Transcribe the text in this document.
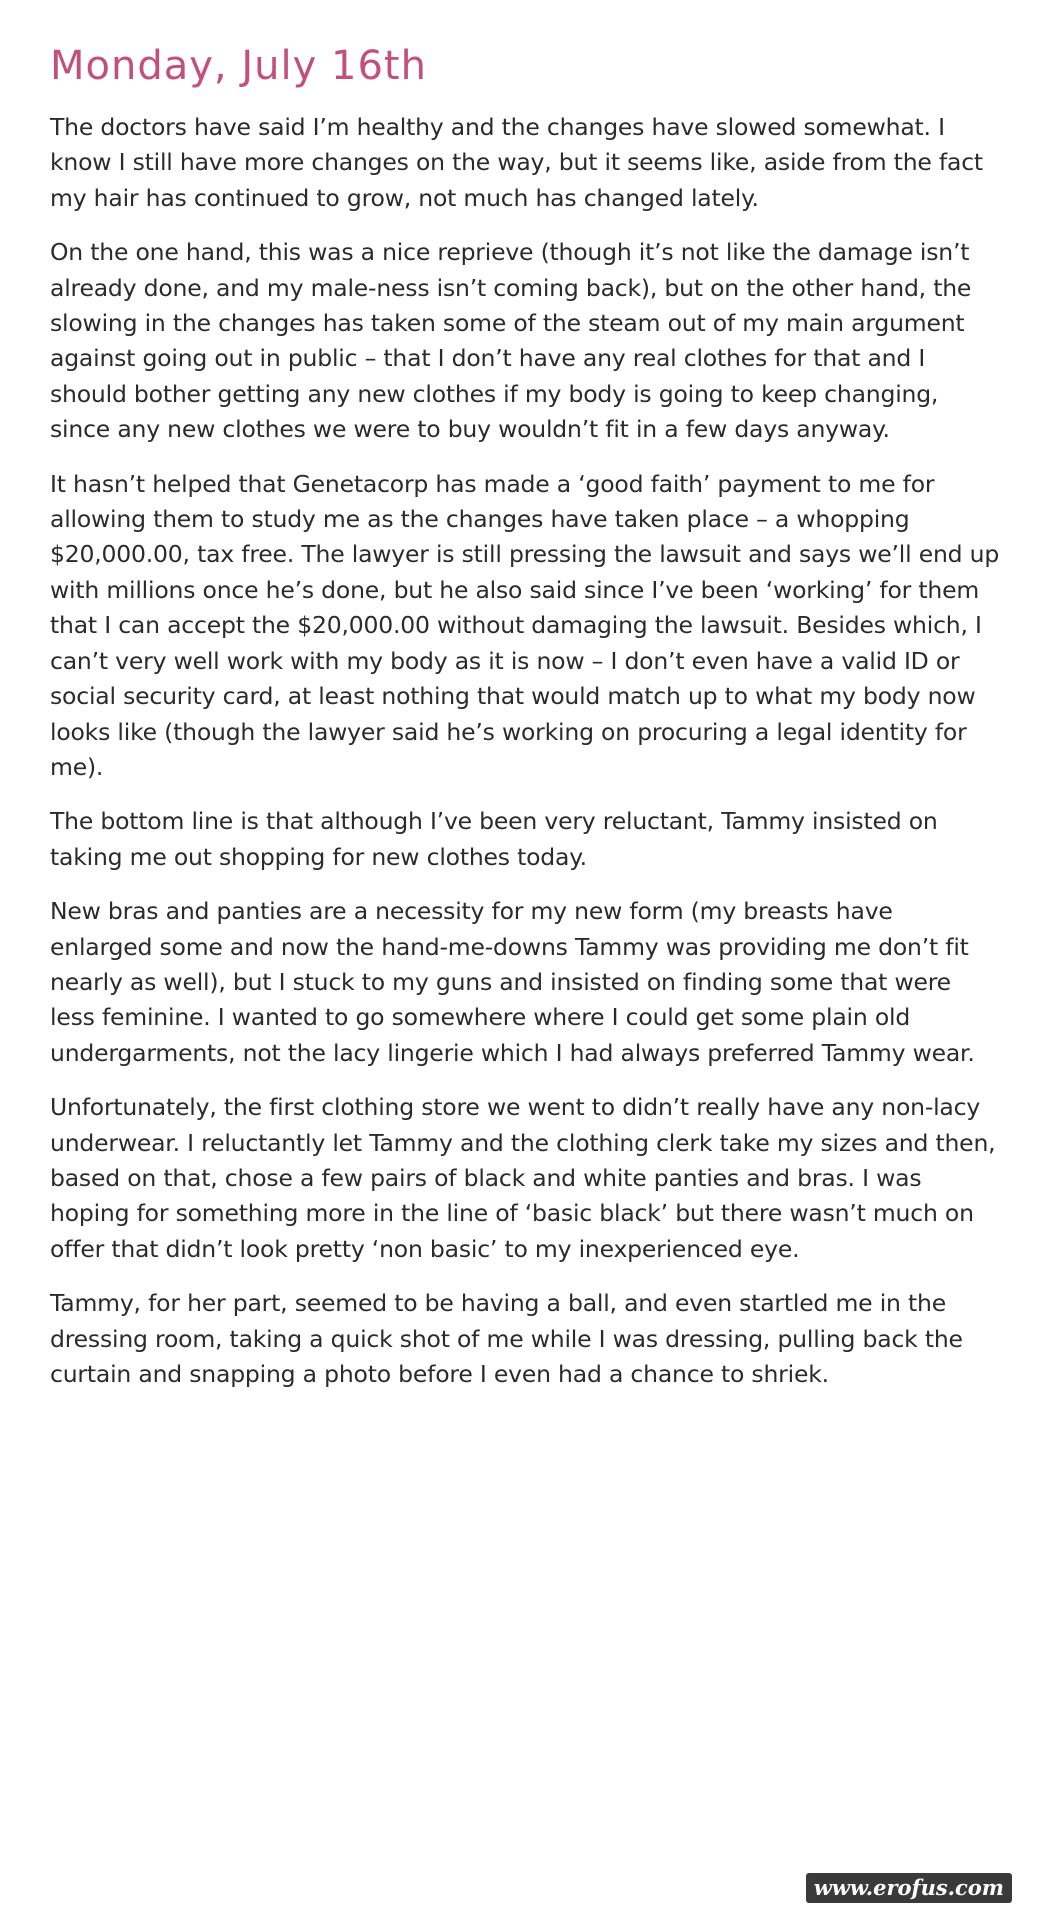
Monday, July 16th

The doctors have said I’m healthy and the changes have slowed somewhat. I know I still have more changes on the way, but it seems like, aside from the fact my hair has continued to grow, not much has changed lately.

On the one hand, this was a nice reprieve (though it’s not like the damage isn’t already done, and my male-ness isn’t coming back), but on the other hand, the slowing in the changes has taken some of the steam out of my main argument against going out in public – that I don’t have any real clothes for that and I should bother getting any new clothes if my body is going to keep changing, since any new clothes we were to buy wouldn’t fit in a few days anyway.

It hasn’t helped that Genetacorp has made a ‘good faith’ payment to me for allowing them to study me as the changes have taken place – a whopping $20,000.00, tax free. The lawyer is still pressing the lawsuit and says we’ll end up with millions once he’s done, but he also said since I’ve been ‘working’ for them that I can accept the $20,000.00 without damaging the lawsuit. Besides which, I can’t very well work with my body as it is now – I don’t even have a valid ID or social security card, at least nothing that would match up to what my body now looks like (though the lawyer said he’s working on procuring a legal identity for me).

The bottom line is that although I’ve been very reluctant, Tammy insisted on taking me out shopping for new clothes today.

New bras and panties are a necessity for my new form (my breasts have enlarged some and now the hand-me-downs Tammy was providing me don’t fit nearly as well), but I stuck to my guns and insisted on finding some that were less feminine. I wanted to go somewhere where I could get some plain old undergarments, not the lacy lingerie which I had always preferred Tammy wear.

Unfortunately, the first clothing store we went to didn’t really have any non-lacy underwear. I reluctantly let Tammy and the clothing clerk take my sizes and then, based on that, chose a few pairs of black and white panties and bras. I was hoping for something more in the line of ‘basic black’ but there wasn’t much on offer that didn’t look pretty ‘non basic’ to my inexperienced eye.

Tammy, for her part, seemed to be having a ball, and even startled me in the dressing room, taking a quick shot of me while I was dressing, pulling back the curtain and snapping a photo before I even had a chance to shriek.

www.erofus.com
